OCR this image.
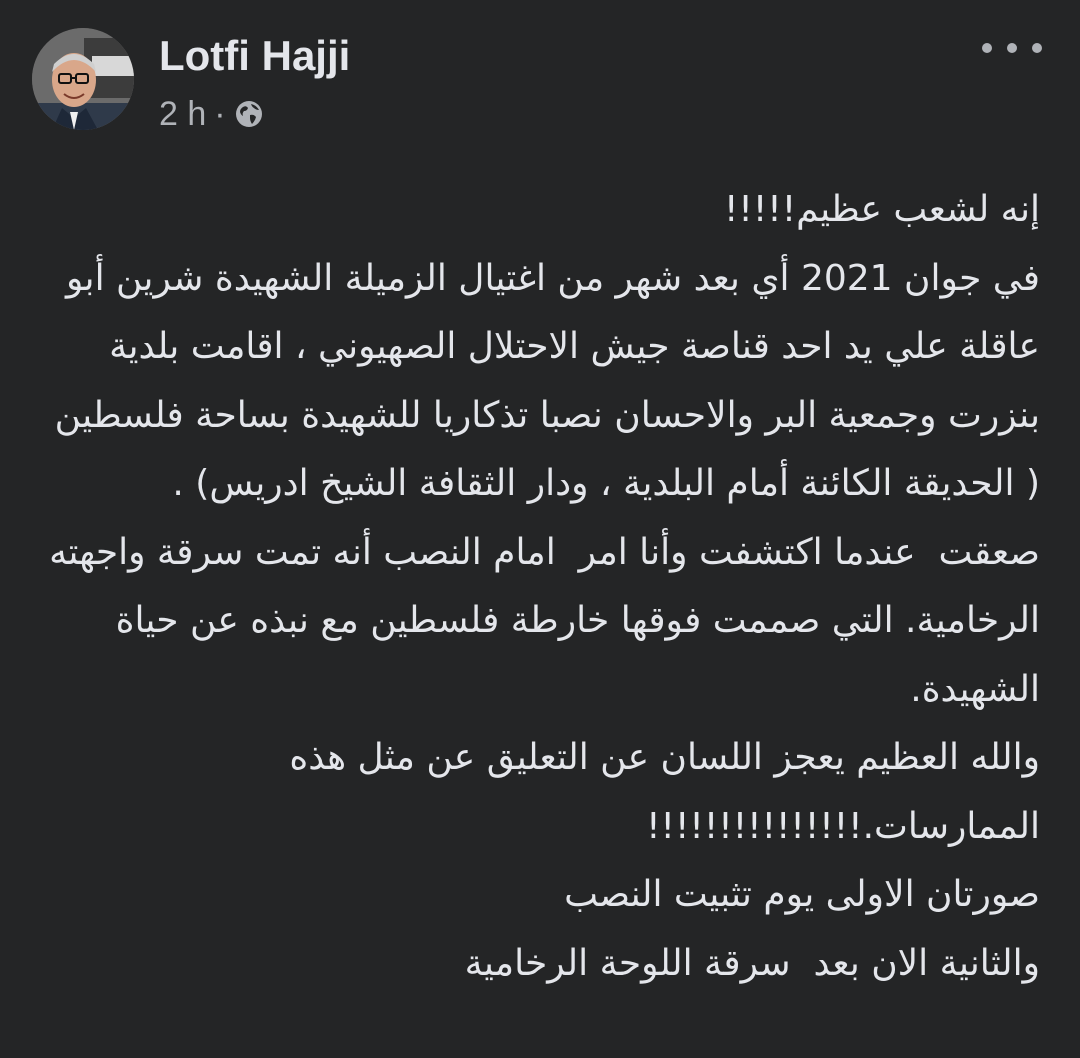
Lotfi Hajji
2 h ·
إنه لشعب عظيم!!!!!
في جوان 2021 أي بعد شهر من اغتيال الزميلة الشهيدة شرين أبو عاقلة علي يد احد قناصة جيش الاحتلال الصهيوني ، اقامت بلدية بنزرت وجمعية البر والاحسان نصبا تذكاريا للشهيدة بساحة فلسطين ( الحديقة الكائنة أمام البلدية ، ودار الثقافة الشيخ ادريس) .
صعقت  عندما اكتشفت وأنا امر  امام النصب أنه تمت سرقة واجهته الرخامية. التي صممت فوقها خارطة فلسطين مع نبذه عن حياة الشهيدة.
والله العظيم يعجز اللسان عن التعليق عن مثل هذه الممارسات.!!!!!!!!!!!!!!!
صورتان الاولى يوم تثبيت النصب
والثانية الان بعد  سرقة اللوحة الرخامية
